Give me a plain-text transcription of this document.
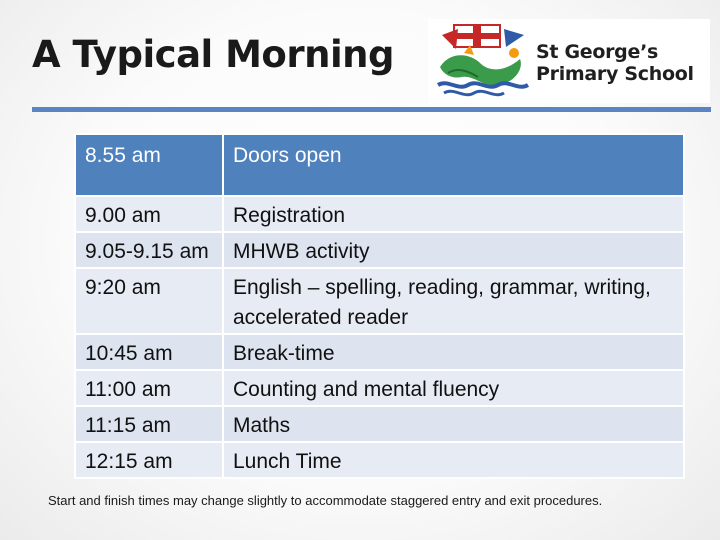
A Typical Morning	St George’s
Primary School
8.55 am	Doors open
9.00 am	Registration
9.05-9.15 am	MHWB activity
9:20 am	English – spelling, reading, grammar, writing, accelerated reader
10:45 am	Break-time
11:00 am	Counting and mental fluency
11:15 am	Maths
12:15 am	Lunch Time
Start and finish times may change slightly to accommodate staggered entry and exit procedures.
